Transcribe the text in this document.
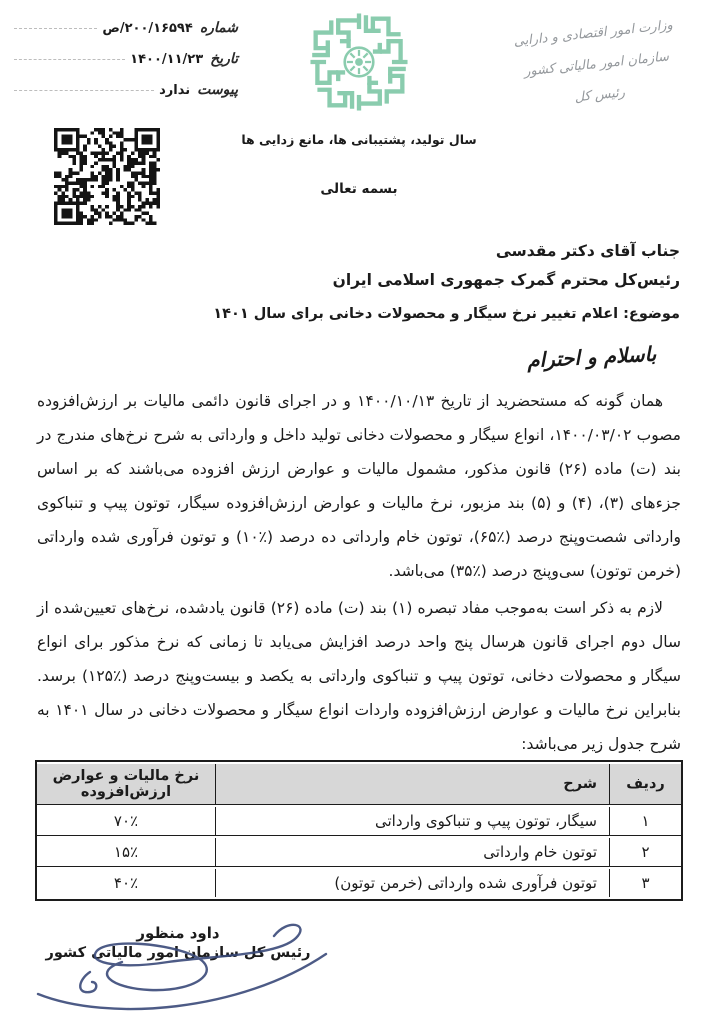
وزارت امور اقتصادی و دارایی
سازمان امور مالیاتی کشور
رئیس کل
شماره
۲۰۰/۱۶۵۹۴/ص
تاریخ
۱۴۰۰/۱۱/۲۳
پیوست
ندارد
سال تولید، پشتیبانی ها، مانع زدایی ها
بسمه تعالی
جناب آقای دکتر مقدسی
رئیس‌کل محترم گمرک جمهوری اسلامی ایران
موضوع: اعلام تغییر نرخ سیگار و محصولات دخانی برای سال ۱۴۰۱
باسلام و احترام

همان گونه که مستحضرید از تاریخ ۱۴۰۰/۱۰/۱۳ و در اجرای قانون دائمی مالیات بر ارزش‌افزوده مصوب ۱۴۰۰/۰۳/۰۲، انواع سیگار و محصولات دخانی تولید داخل و وارداتی به شرح نرخ‌های مندرج در بند (ت) ماده (۲۶) قانون مذکور، مشمول مالیات و عوارض ارزش افزوده می‌باشند که بر اساس جزءهای (۳)، (۴) و (۵) بند مزبور، نرخ مالیات و عوارض ارزش‌افزوده سیگار، توتون پیپ و تنباکوی وارداتی شصت‌وپنج درصد (٪۶۵)، توتون خام وارداتی ده درصد (٪۱۰) و توتون فرآوری شده وارداتی (خرمن توتون) سی‌وپنج درصد (٪۳۵) می‌باشد.

لازم به ذکر است به‌موجب مفاد تبصره (۱) بند (ت) ماده (۲۶) قانون یادشده، نرخ‌های تعیین‌شده از سال دوم اجرای قانون هرسال پنج واحد درصد افزایش می‌یابد تا زمانی که نرخ مذکور برای انواع سیگار و محصولات دخانی، توتون پیپ و تنباکوی وارداتی به یکصد و بیست‌وپنج درصد (٪۱۲۵) برسد. بنابراین نرخ مالیات و عوارض ارزش‌افزوده واردات انواع سیگار و محصولات دخانی در سال ۱۴۰۱ به شرح جدول زیر می‌باشد:

ردیف	شرح	نرخ مالیات و عوارض ارزش‌افزوده
۱	سیگار، توتون پیپ و تنباکوی وارداتی	۷۰٪
۲	توتون خام وارداتی	۱۵٪
۳	توتون فرآوری شده وارداتی (خرمن توتون)	۴۰٪
داود منظور
رئیس کل سازمان امور مالیاتی کشور
